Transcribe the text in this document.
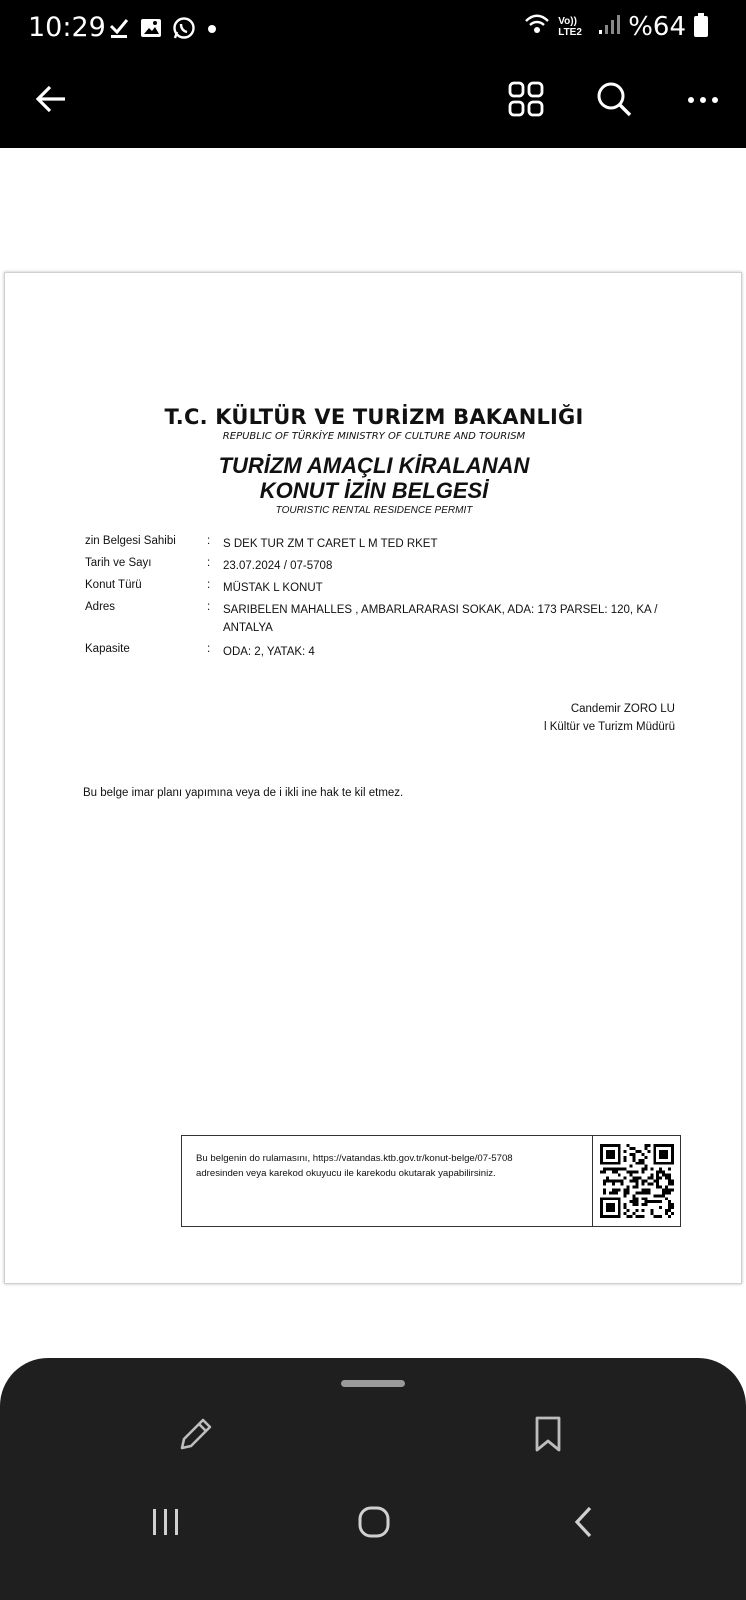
10:29	Vo)) LTE2	%64
T.C. KÜLTÜR VE TURİZM BAKANLIĞI
REPUBLIC OF TÜRKİYE MINISTRY OF CULTURE AND TOURISM
TURİZM AMAÇLI KİRALANAN
KONUT İZİN BELGESİ
TOURISTIC RENTAL RESIDENCE PERMIT
zin Belgesi Sahibi	: S DEK TUR ZM T CARET L M TED RKET
Tarih ve Sayı	: 23.07.2024 / 07-5708
Konut Türü	: MÜSTAK L KONUT
Adres	: SARIBELEN MAHALLES , AMBARLARARASI SOKAK, ADA: 173 PARSEL: 120, KA / ANTALYA
Kapasite	: ODA: 2, YATAK: 4
Candemir ZORO LU
l Kültür ve Turizm Müdürü
Bu belge imar planı yapımına veya de i ikli ine hak te kil etmez.
Bu belgenin do rulamasını, https://vatandas.ktb.gov.tr/konut-belge/07-5708
adresinden veya karekod okuyucu ile karekodu okutarak yapabilirsiniz.
